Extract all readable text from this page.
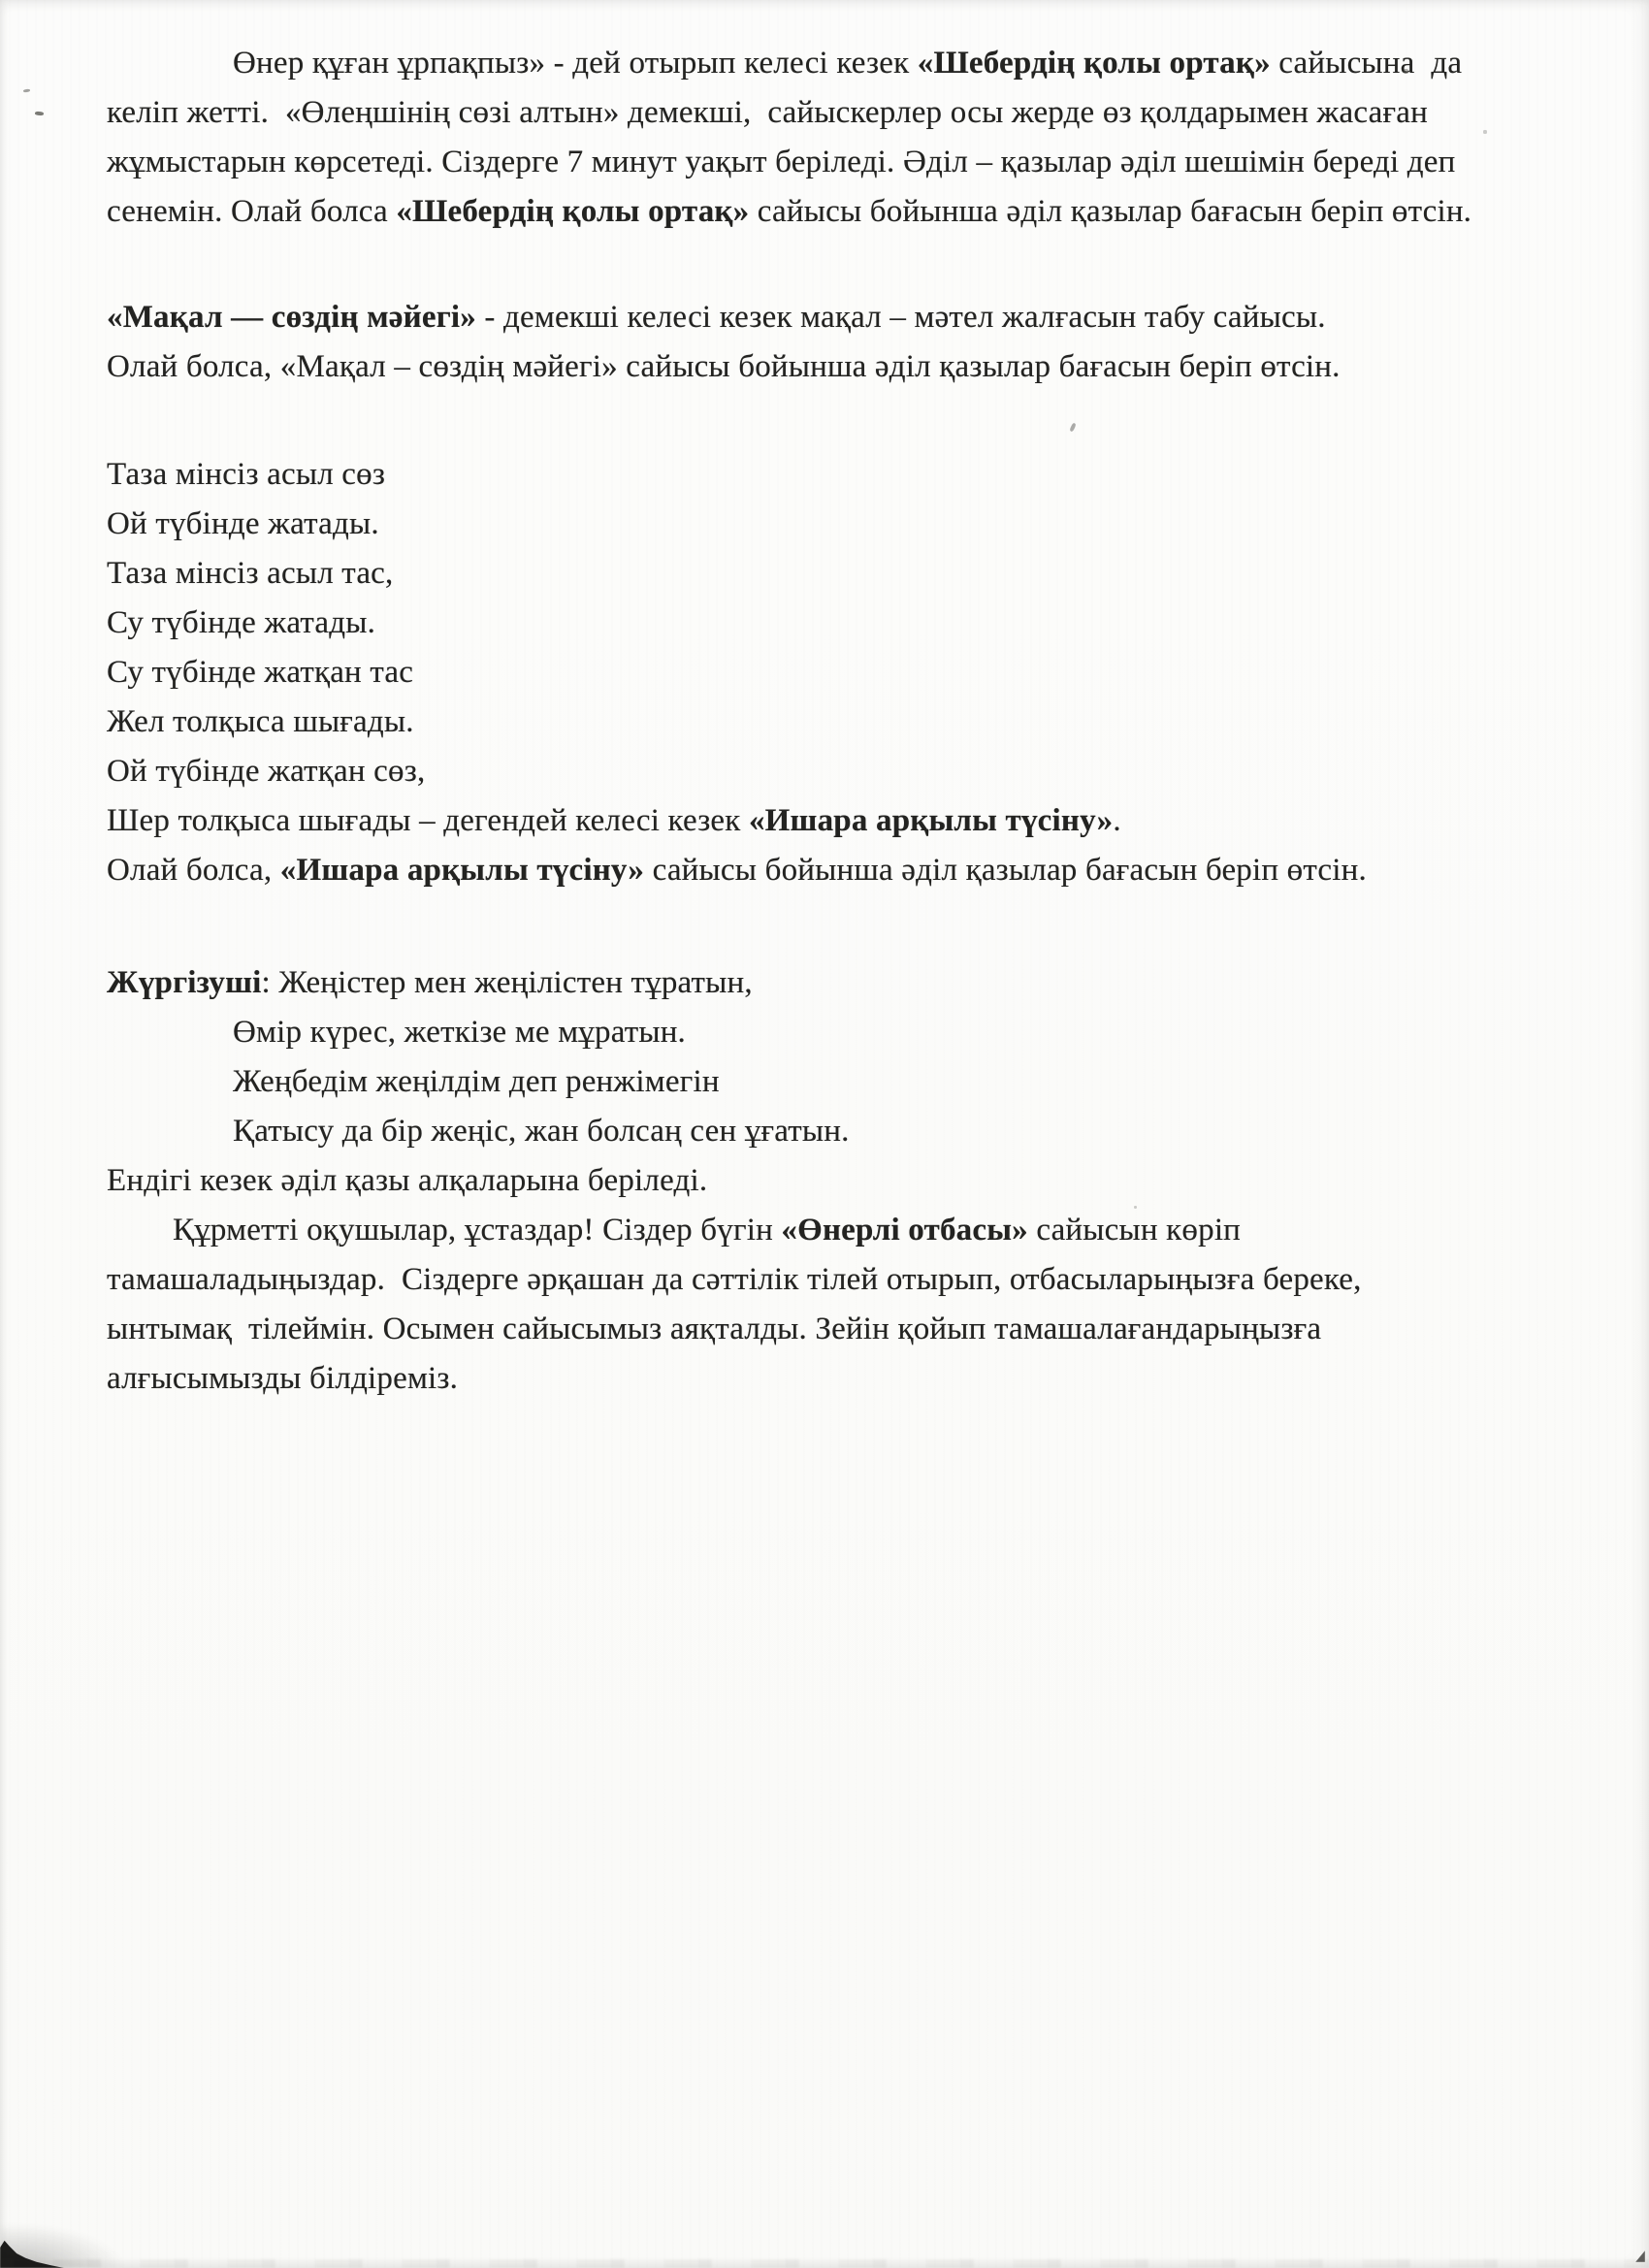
Өнер құған ұрпақпыз» - дей отырып келесі кезек «Шебердің қолы ортақ» сайысына  да келіп жетті.  «Өлеңшінің сөзі алтын» демекші,  сайыскерлер осы жерде өз қолдарымен жасаған жұмыстарын көрсетеді. Сіздерге 7 минут уақыт беріледі. Әділ – қазылар әділ шешімін береді деп сенемін. Олай болса «Шебердің қолы ортақ» сайысы бойынша әділ қазылар бағасын беріп өтсін.

«Мақал — сөздің мәйегі» - демекші келесі кезек мақал – мәтел жалғасын табу сайысы.

Олай болса, «Мақал – сөздің мәйегі» сайысы бойынша әділ қазылар бағасын беріп өтсін.

Таза мінсіз асыл сөз

Ой түбінде жатады.

Таза мінсіз асыл тас,

Су түбінде жатады.

Су түбінде жатқан тас

Жел толқыса шығады.

Ой түбінде жатқан сөз,

Шер толқыса шығады – дегендей келесі кезек «Ишара арқылы түсіну».

Олай болса, «Ишара арқылы түсіну» сайысы бойынша әділ қазылар бағасын беріп өтсін.

Жүргізуші: Жеңістер мен жеңілістен тұратын,

Өмір күрес, жеткізе ме мұратын.

Жеңбедім жеңілдім деп ренжімегін

Қатысу да бір жеңіс, жан болсаң сен ұғатын.

Ендігі кезек әділ қазы алқаларына беріледі.

Құрметті оқушылар, ұстаздар! Сіздер бүгін «Өнерлі отбасы» сайысын көріп тамашаладыңыздар.  Сіздерге әрқашан да сәттілік тілей отырып, отбасыларыңызға береке, ынтымақ  тілеймін. Осымен сайысымыз аяқталды. Зейін қойып тамашалағандарыңызға  алғысымызды білдіреміз.
